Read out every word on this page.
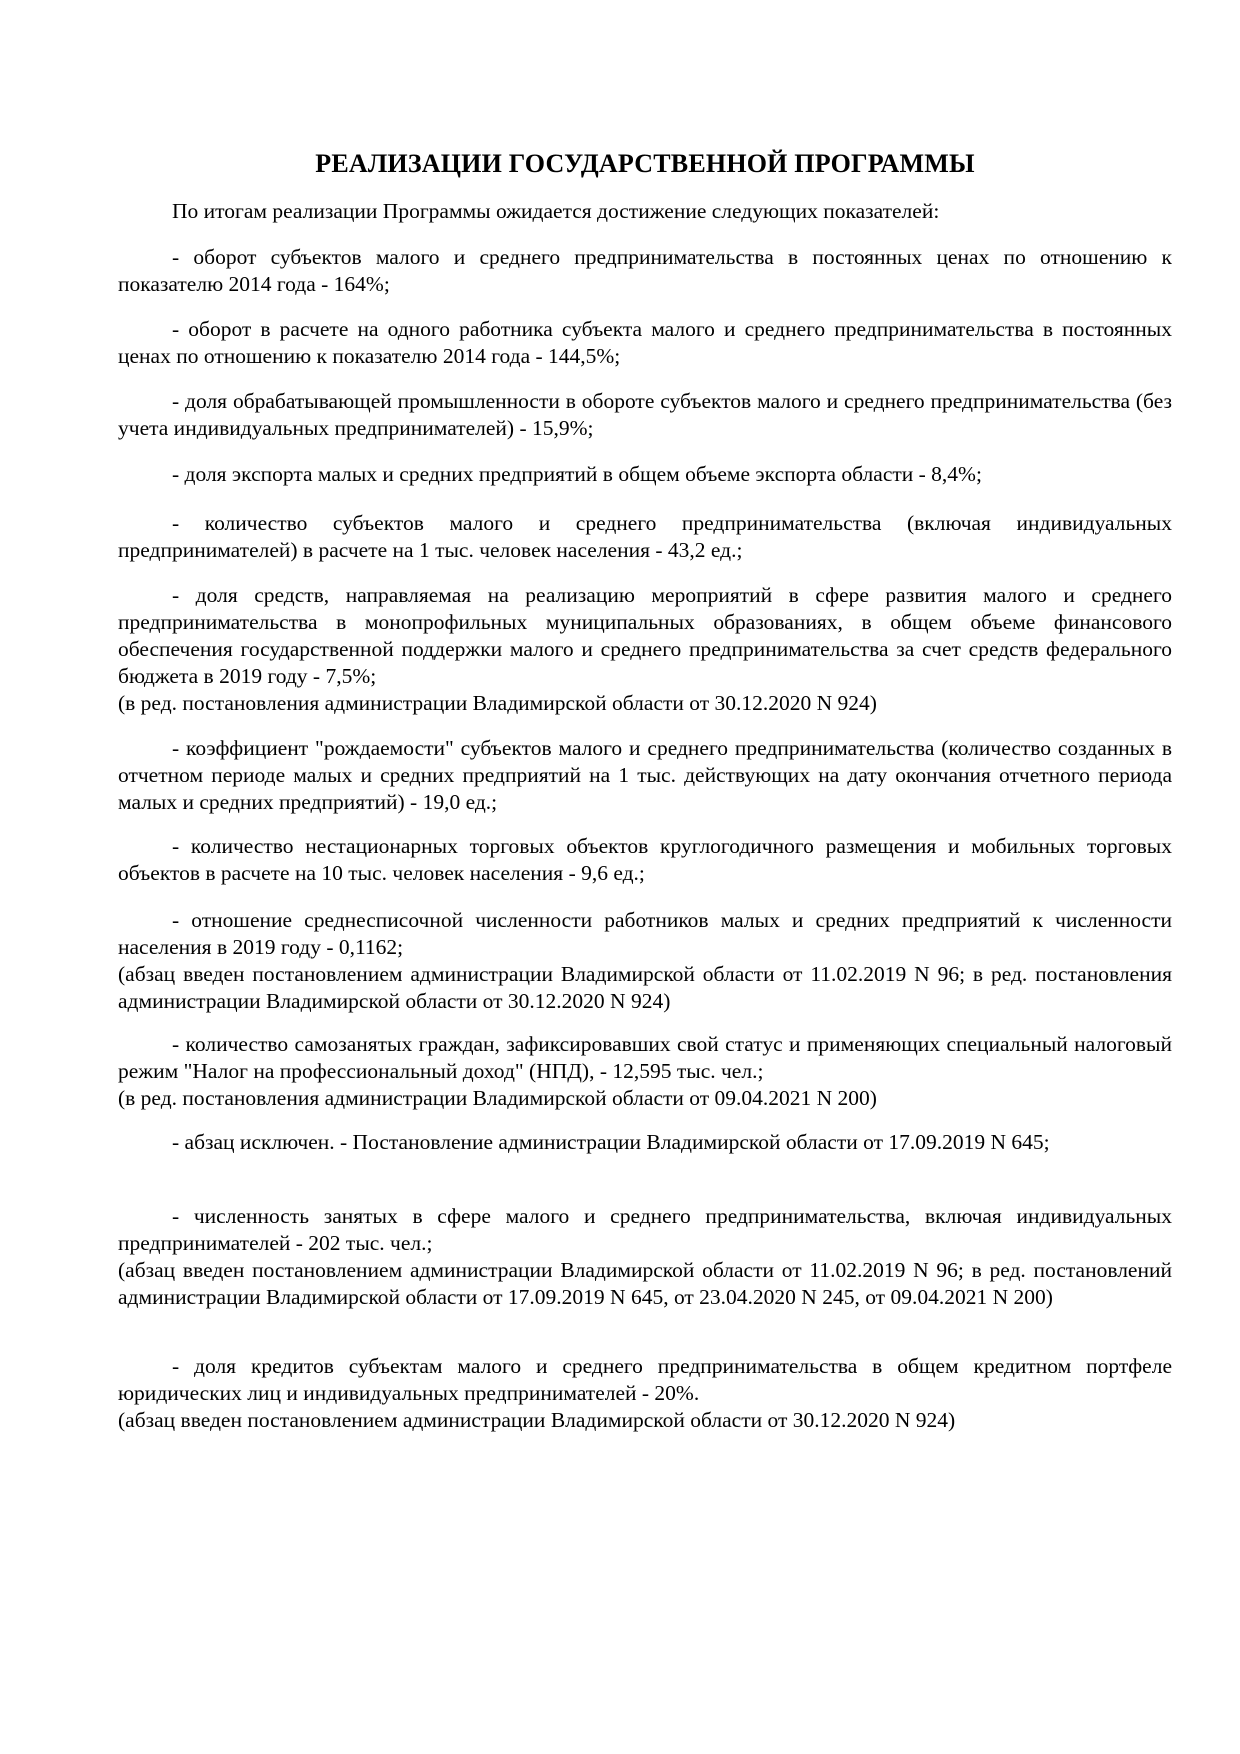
РЕАЛИЗАЦИИ ГОСУДАРСТВЕННОЙ ПРОГРАММЫ

По итогам реализации Программы ожидается достижение следующих показателей:

- оборот субъектов малого и среднего предпринимательства в постоянных ценах по отношению к показателю 2014 года - 164%;

- оборот в расчете на одного работника субъекта малого и среднего предпринимательства в постоянных ценах по отношению к показателю 2014 года - 144,5%;

- доля обрабатывающей промышленности в обороте субъектов малого и среднего предпринимательства (без учета индивидуальных предпринимателей) - 15,9%;

- доля экспорта малых и средних предприятий в общем объеме экспорта области - 8,4%;

- количество субъектов малого и среднего предпринимательства (включая индивидуальных предпринимателей) в расчете на 1 тыс. человек населения - 43,2 ед.;

- доля средств, направляемая на реализацию мероприятий в сфере развития малого и среднего предпринимательства в монопрофильных муниципальных образованиях, в общем объеме финансового обеспечения государственной поддержки малого и среднего предпринимательства за счет средств федерального бюджета в 2019 году - 7,5%;

(в ред. постановления администрации Владимирской области от 30.12.2020 N 924)

- коэффициент "рождаемости" субъектов малого и среднего предпринимательства (количество созданных в отчетном периоде малых и средних предприятий на 1 тыс. действующих на дату окончания отчетного периода малых и средних предприятий) - 19,0 ед.;

- количество нестационарных торговых объектов круглогодичного размещения и мобильных торговых объектов в расчете на 10 тыс. человек населения - 9,6 ед.;

- отношение среднесписочной численности работников малых и средних предприятий к численности населения в 2019 году - 0,1162;

(абзац введен постановлением администрации Владимирской области от 11.02.2019 N 96; в ред. постановления администрации Владимирской области от 30.12.2020 N 924)

- количество самозанятых граждан, зафиксировавших свой статус и применяющих специальный налоговый режим "Налог на профессиональный доход" (НПД), - 12,595 тыс. чел.;

(в ред. постановления администрации Владимирской области от 09.04.2021 N 200)

- абзац исключен. - Постановление администрации Владимирской области от 17.09.2019 N 645;

- численность занятых в сфере малого и среднего предпринимательства, включая индивидуальных предпринимателей - 202 тыс. чел.;

(абзац введен постановлением администрации Владимирской области от 11.02.2019 N 96; в ред. постановлений администрации Владимирской области от 17.09.2019 N 645, от 23.04.2020 N 245, от 09.04.2021 N 200)

- доля кредитов субъектам малого и среднего предпринимательства в общем кредитном портфеле юридических лиц и индивидуальных предпринимателей - 20%.

(абзац введен постановлением администрации Владимирской области от 30.12.2020 N 924)
